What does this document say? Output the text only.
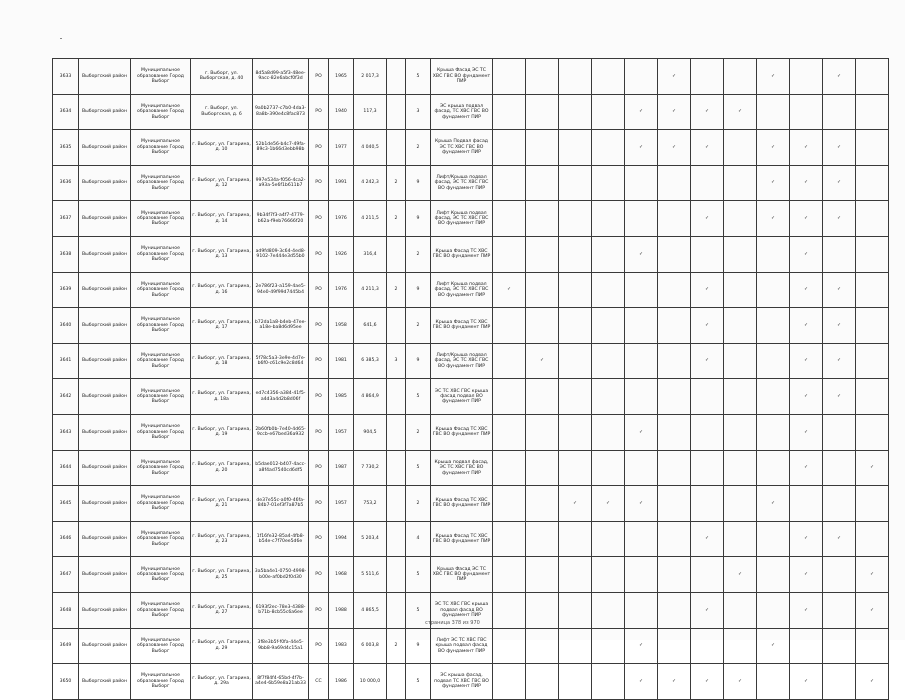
3633	Выборгский район	Муниципальное образование Город Выборг	г. Выборг, ул. Выборгская, д. 40	8d5a8d99-a5f3-48ee-9acc-82e6abcf0f3d	РО	1965	2 017,3		5	Крыша Фасад ЭС ТС ХВС ГВС ВО фундамент ПИР						✓			✓		✓	
3634	Выборгский район	Муниципальное образование Город Выборг	г. Выборг, ул. Выборгская, д. 6	9a0b2737-c7b0-4da3-8a8b-390e4c8fac873	РО	1940	117,3		3	ЭС крыша подвал фасад, ТС ХВС ГВС ВО фундамент ПИР					✓	✓	✓	✓				
3635	Выборгский район	Муниципальное образование Город Выборг	г. Выборг, ул. Гагарина, д. 10	52b1de56-b4c7-49fa-89c3-1b66d3ebb98b	РО	1977	4 040,5		2	Крыша Подвал фасад ЭС ТС ХВС ГВС ВО фундамент ПИР					✓	✓	✓		✓	✓	✓	
3636	Выборгский район	Муниципальное образование Город Выборг	г. Выборг, ул. Гагарина, д. 12	997e534a-f056-4ca2-a93a-5e6f1b611b7	РО	1991	4 242,3	2	9	Лифт/Крыша подвал фасад, ЭС ТС ХВС ГВС ВО фундамент ПИР									✓	✓	✓	
3637	Выборгский район	Муниципальное образование Город Выборг	г. Выборг, ул. Гагарина, д. 14	9b34f7f3-a4f7-4779-b62a-f9eb76666f20	РО	1976	4 211,5	2	9	Лифт Крыша подвал фасад, ЭС ТС ХВС ГВС ВО фундамент ПИР							✓		✓	✓	✓	
3638	Выборгский район	Муниципальное образование Город Выборг	г. Выборг, ул. Гагарина, д. 13	ad9fd809-3c64-4ed8-9102-7e444e3d55b0	РО	1926	316,4		2	Крыша Фасад ТС ХВС ГВС ВО фундамент ПИР					✓					✓		
3639	Выборгский район	Муниципальное образование Город Выборг	г. Выборг, ул. Гагарина, д. 16	2e786f23-a159-4ae5-94e0-49f99d7445b4	РО	1976	4 211,3	2	9	Лифт Крыша подвал фасад, ЭС ТС ХВС ГВС ВО фундамент ПИР	✓						✓			✓	✓	
3640	Выборгский район	Муниципальное образование Город Выборг	г. Выборг, ул. Гагарина, д. 17	b72da1a8-b4eb-47ee-a18e-ba8d6d95ee	РО	1958	641,6		2	Крыша Фасад ТС ХВС ГВС ВО фундамент ПИР							✓			✓	✓	
3641	Выборгский район	Муниципальное образование Город Выборг	г. Выборг, ул. Гагарина, д. 18	5f78c5a3-3e9e-4d7e-b6f0-c61c9e2c8d64	РО	1981	6 385,3	3	9	Лифт/Крыша подвал фасад, ЭС ТС ХВС ГВС ВО фундамент ПИР		✓					✓			✓	✓	
3642	Выборгский район	Муниципальное образование Город Выборг	г. Выборг, ул. Гагарина, д. 18а	ed7c4356-a384-41f5-a4d3a4d2b8d06f	РО	1985	4 864,9		5	ЭС ТС ХВС ГВС крыша фасад подвал ВО фундамент ПИР										✓	✓	
3643	Выборгский район	Муниципальное образование Город Выборг	г. Выборг, ул. Гагарина, д. 19	2b60fb0b-7e40-4d65-9ccb-e67bed36a932	РО	1957	904,5		2	Крыша Фасад ТС ХВС ГВС ВО фундамент ПИР					✓					✓		
3644	Выборгский район	Муниципальное образование Город Выборг	г. Выборг, ул. Гагарина, д. 20	b5dae012-b407-4acc-a8f4ad7540cd6df5	РО	1987	7 730,2		5	Крыша подвал фасад, ЭС ТС ХВС ГВС ВО фундамент ПИР										✓		✓
3645	Выборгский район	Муниципальное образование Город Выборг	г. Выборг, ул. Гагарина, д. 21	de37e55c-a0f0-46fa-84b7-01ef3f7a87b5	РО	1957	753,2		2	Крыша Фасад ТС ХВС ГВС ВО фундамент ПИР			✓	✓	✓				✓			
3646	Выборгский район	Муниципальное образование Город Выборг	г. Выборг, ул. Гагарина, д. 23	1f16fe32-85a4-4fb8-b54e-c7f70ee5d6e	РО	1994	5 203,4		4	Крыша Фасад ТС ХВС ГВС ВО фундамент ПИР							✓			✓	✓	
3647	Выборгский район	Муниципальное образование Город Выборг	г. Выборг, ул. Гагарина, д. 25	3a5ba4e1-0750-4998-b00e-af0bd2f0d30	РО	1968	5 511,6		5	Крыша Фасад ЭС ТС ХВС ГВС ВО фундамент ПИР								✓		✓		✓
3648	Выборгский район	Муниципальное образование Город Выборг	г. Выборг, ул. Гагарина, д. 27	6193f2ec-78e3-4388-b71b-8cb55c6a6ee	РО	1988	4 865,5		5	ЭС ТС ХВС ГВС крыша подвал фасад ВО фундамент ПИР							✓			✓		✓
3649	Выборгский район	Муниципальное образование Город Выборг	г. Выборг, ул. Гагарина, д. 29	3f8e3b5f-f0fa-44e5-9bb8-9a69d4c15a1	РО	1983	6 003,8	2	9	Лифт ЭС ТС ХВС ГВС крыша подвал фасад ВО фундамент ПИР					✓				✓			
3650	Выборгский район	Муниципальное образование Город Выборг	г. Выборг, ул. Гагарина, д. 29а	8f7f84f4-65bd-4f7b-a4e4-6b59e8a21ab33	СС	1986	10 000,0		5	ЭС крыша фасад, подвал ТС ХВС ГВС ВО фундамент ПИР					✓	✓	✓	✓		✓		✓
страница 378 из 970
